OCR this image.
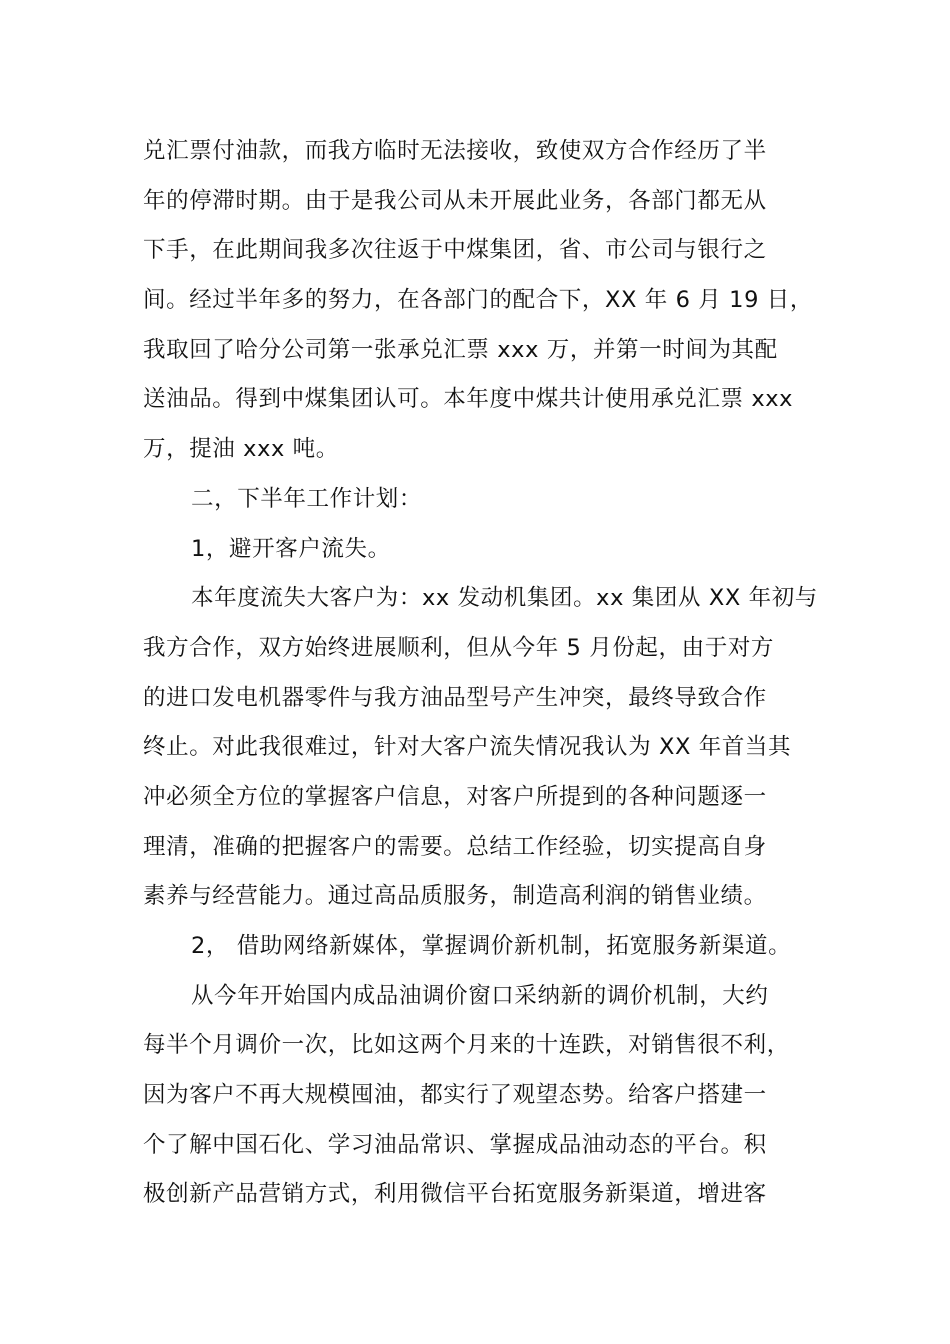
兑汇票付油款，而我方临时无法接收，致使双方合作经历了半
年的停滞时期。由于是我公司从未开展此业务，各部门都无从
下手，在此期间我多次往返于中煤集团，省、市公司与银行之
间。经过半年多的努力，在各部门的配合下，XX 年 6 月 19 日，
我取回了哈分公司第一张承兑汇票 xxx 万，并第一时间为其配
送油品。得到中煤集团认可。本年度中煤共计使用承兑汇票 xxx
万，提油 xxx 吨。
二，下半年工作计划：
1，避开客户流失。
本年度流失大客户为：xx 发动机集团。xx 集团从 XX 年初与
我方合作，双方始终进展顺利，但从今年 5 月份起，由于对方
的进口发电机器零件与我方油品型号产生冲突，最终导致合作
终止。对此我很难过，针对大客户流失情况我认为 XX 年首当其
冲必须全方位的掌握客户信息，对客户所提到的各种问题逐一
理清，准确的把握客户的需要。总结工作经验，切实提高自身
素养与经营能力。通过高品质服务，制造高利润的销售业绩。
2， 借助网络新媒体，掌握调价新机制，拓宽服务新渠道。
从今年开始国内成品油调价窗口采纳新的调价机制，大约
每半个月调价一次，比如这两个月来的十连跌，对销售很不利，
因为客户不再大规模囤油，都实行了观望态势。给客户搭建一
个了解中国石化、学习油品常识、掌握成品油动态的平台。积
极创新产品营销方式，利用微信平台拓宽服务新渠道，增进客
